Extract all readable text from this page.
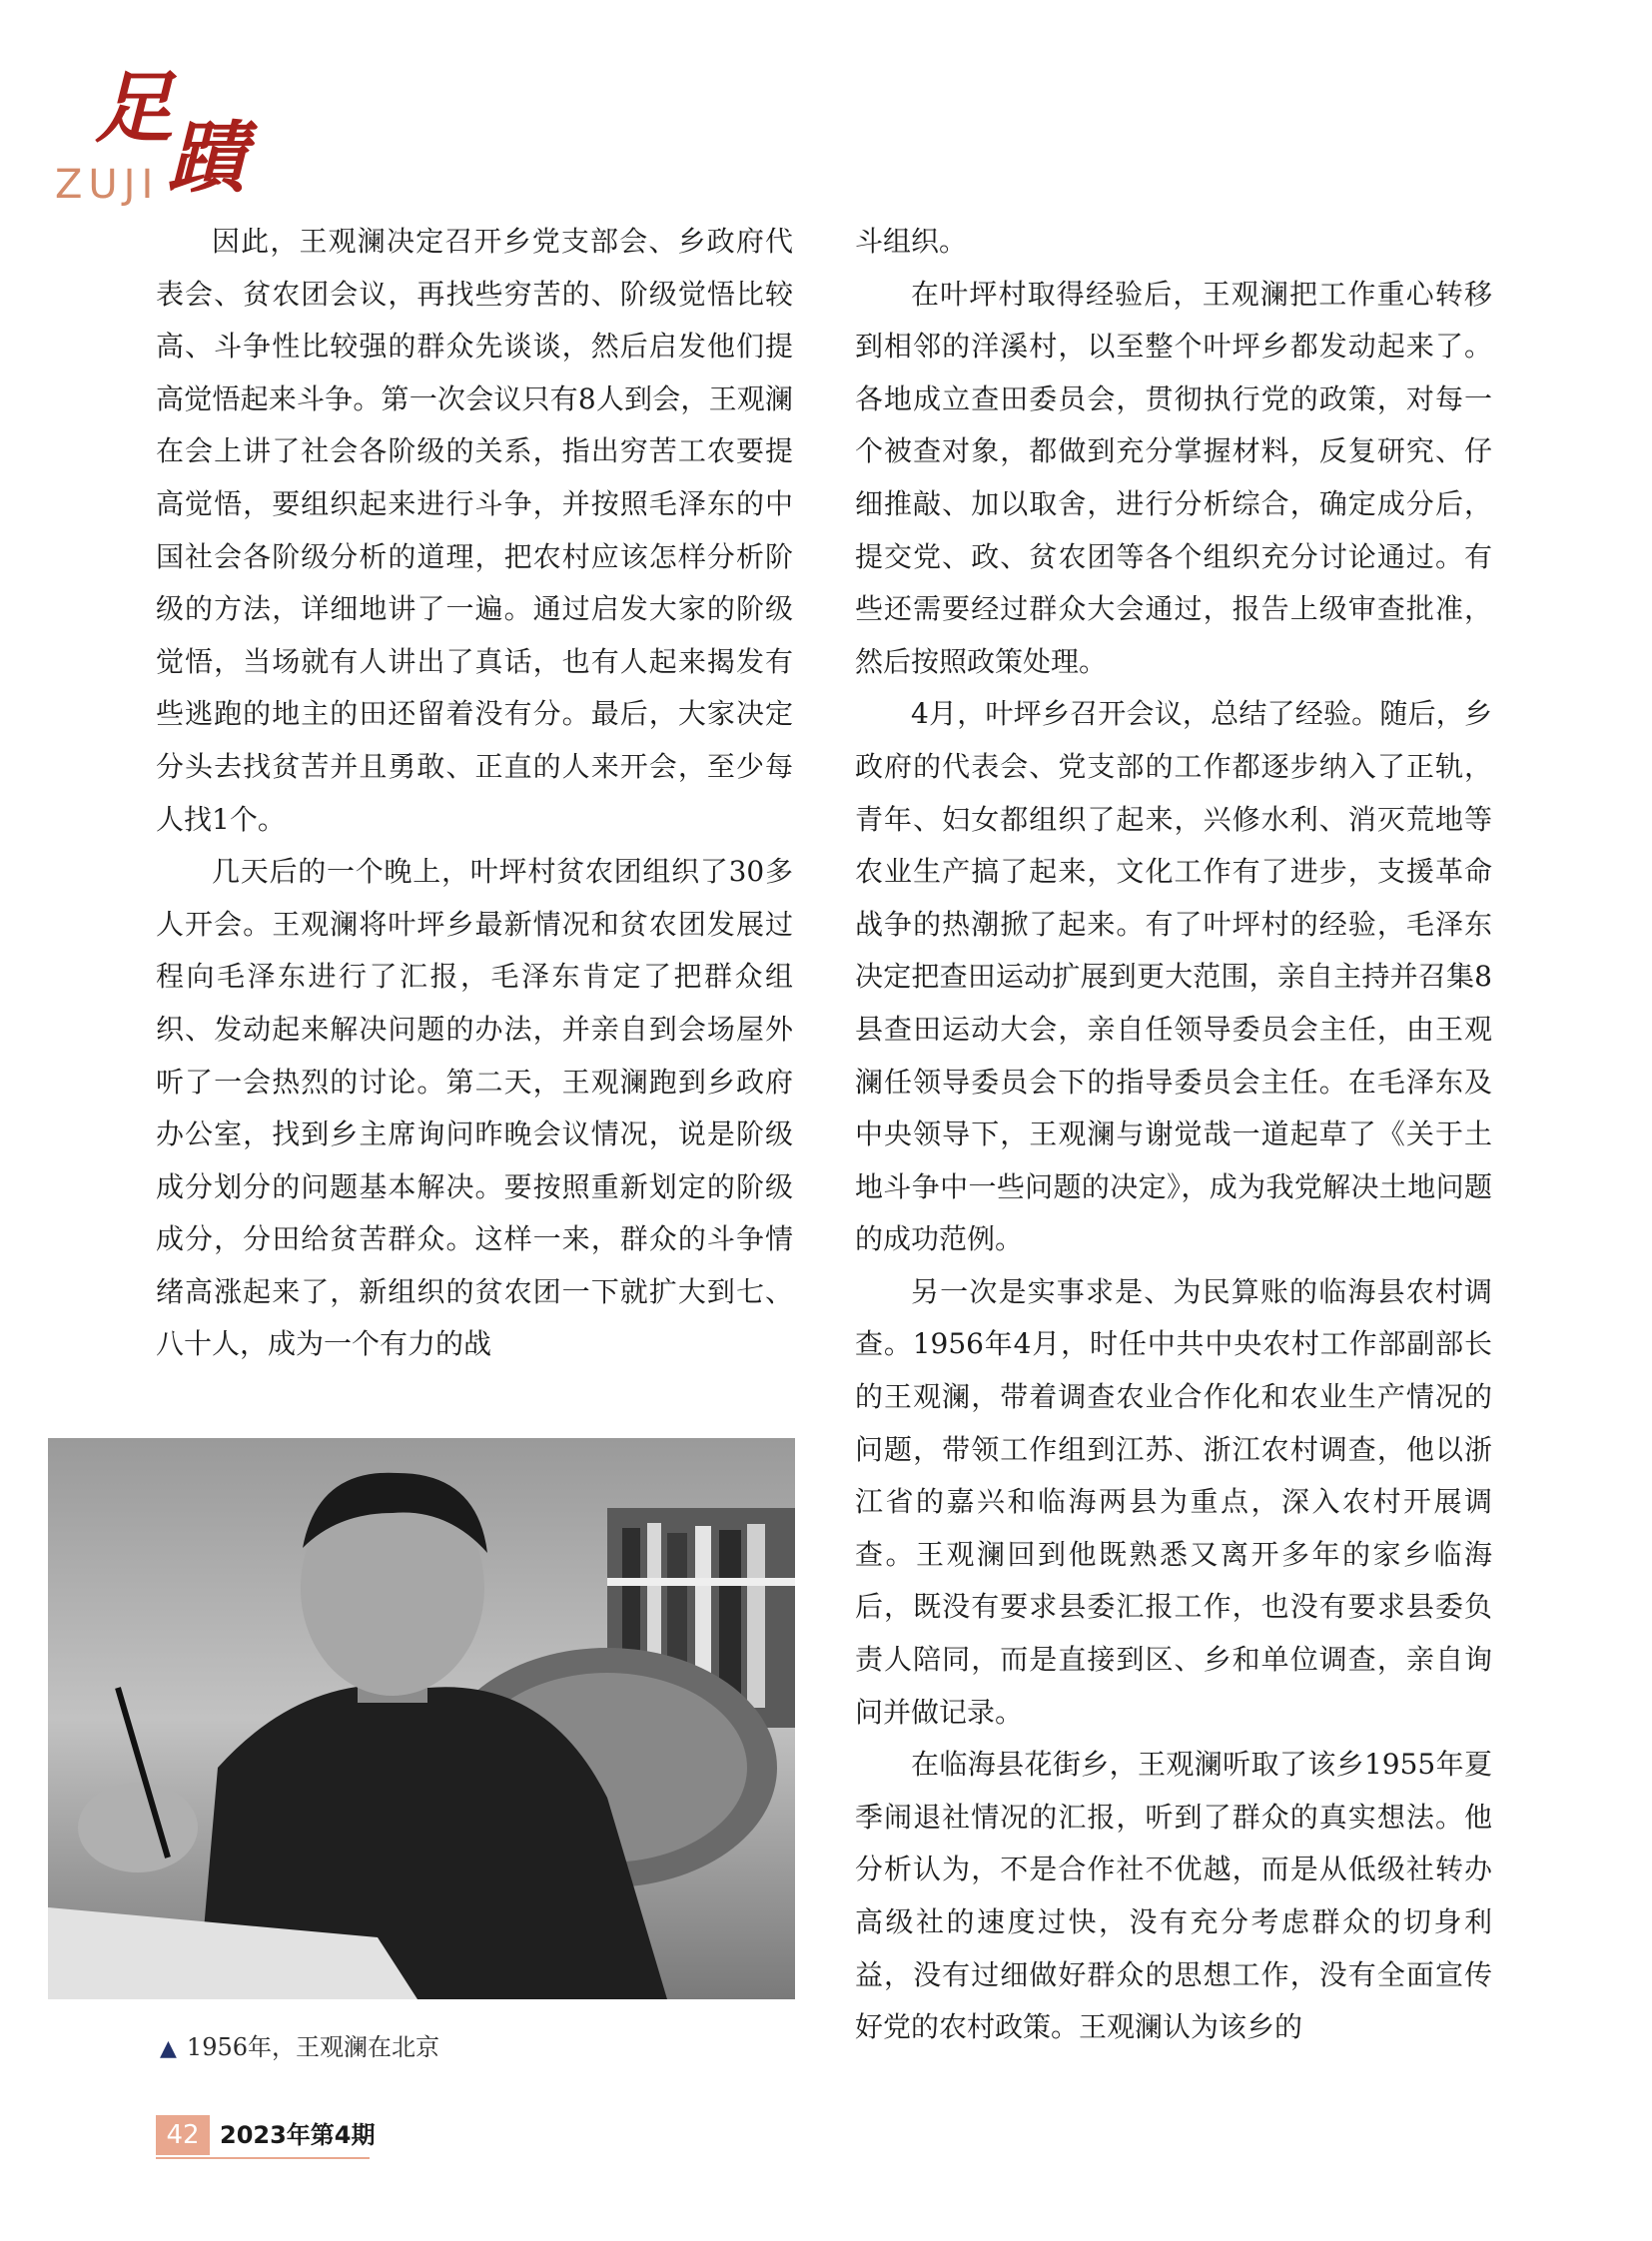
足
蹟
ZUJI

因此，王观澜决定召开乡党支部会、乡政府代表会、贫农团会议，再找些穷苦的、阶级觉悟比较高、斗争性比较强的群众先谈谈，然后启发他们提高觉悟起来斗争。第一次会议只有8人到会，王观澜在会上讲了社会各阶级的关系，指出穷苦工农要提高觉悟，要组织起来进行斗争，并按照毛泽东的中国社会各阶级分析的道理，把农村应该怎样分析阶级的方法，详细地讲了一遍。通过启发大家的阶级觉悟，当场就有人讲出了真话，也有人起来揭发有些逃跑的地主的田还留着没有分。最后，大家决定分头去找贫苦并且勇敢、正直的人来开会，至少每人找1个。

几天后的一个晚上，叶坪村贫农团组织了30多人开会。王观澜将叶坪乡最新情况和贫农团发展过程向毛泽东进行了汇报，毛泽东肯定了把群众组织、发动起来解决问题的办法，并亲自到会场屋外听了一会热烈的讨论。第二天，王观澜跑到乡政府办公室，找到乡主席询问昨晚会议情况，说是阶级成分划分的问题基本解决。要按照重新划定的阶级成分，分田给贫苦群众。这样一来，群众的斗争情绪高涨起来了，新组织的贫农团一下就扩大到七、八十人，成为一个有力的战

斗组织。

在叶坪村取得经验后，王观澜把工作重心转移到相邻的洋溪村，以至整个叶坪乡都发动起来了。各地成立查田委员会，贯彻执行党的政策，对每一个被查对象，都做到充分掌握材料，反复研究、仔细推敲、加以取舍，进行分析综合，确定成分后，提交党、政、贫农团等各个组织充分讨论通过。有些还需要经过群众大会通过，报告上级审查批准，然后按照政策处理。

4月，叶坪乡召开会议，总结了经验。随后，乡政府的代表会、党支部的工作都逐步纳入了正轨，青年、妇女都组织了起来，兴修水利、消灭荒地等农业生产搞了起来，文化工作有了进步，支援革命战争的热潮掀了起来。有了叶坪村的经验，毛泽东决定把查田运动扩展到更大范围，亲自主持并召集8县查田运动大会，亲自任领导委员会主任，由王观澜任领导委员会下的指导委员会主任。在毛泽东及中央领导下，王观澜与谢觉哉一道起草了《关于土地斗争中一些问题的决定》，成为我党解决土地问题的成功范例。

另一次是实事求是、为民算账的临海县农村调查。1956年4月，时任中共中央农村工作部副部长的王观澜，带着调查农业合作化和农业生产情况的问题，带领工作组到江苏、浙江农村调查，他以浙江省的嘉兴和临海两县为重点，深入农村开展调查。王观澜回到他既熟悉又离开多年的家乡临海后，既没有要求县委汇报工作，也没有要求县委负责人陪同，而是直接到区、乡和单位调查，亲自询问并做记录。

在临海县花街乡，王观澜听取了该乡1955年夏季闹退社情况的汇报，听到了群众的真实想法。他分析认为，不是合作社不优越，而是从低级社转办高级社的速度过快，没有充分考虑群众的切身利益，没有过细做好群众的思想工作，没有全面宣传好党的农村政策。王观澜认为该乡的

▲ 1956年，王观澜在北京
42 2023年第4期
